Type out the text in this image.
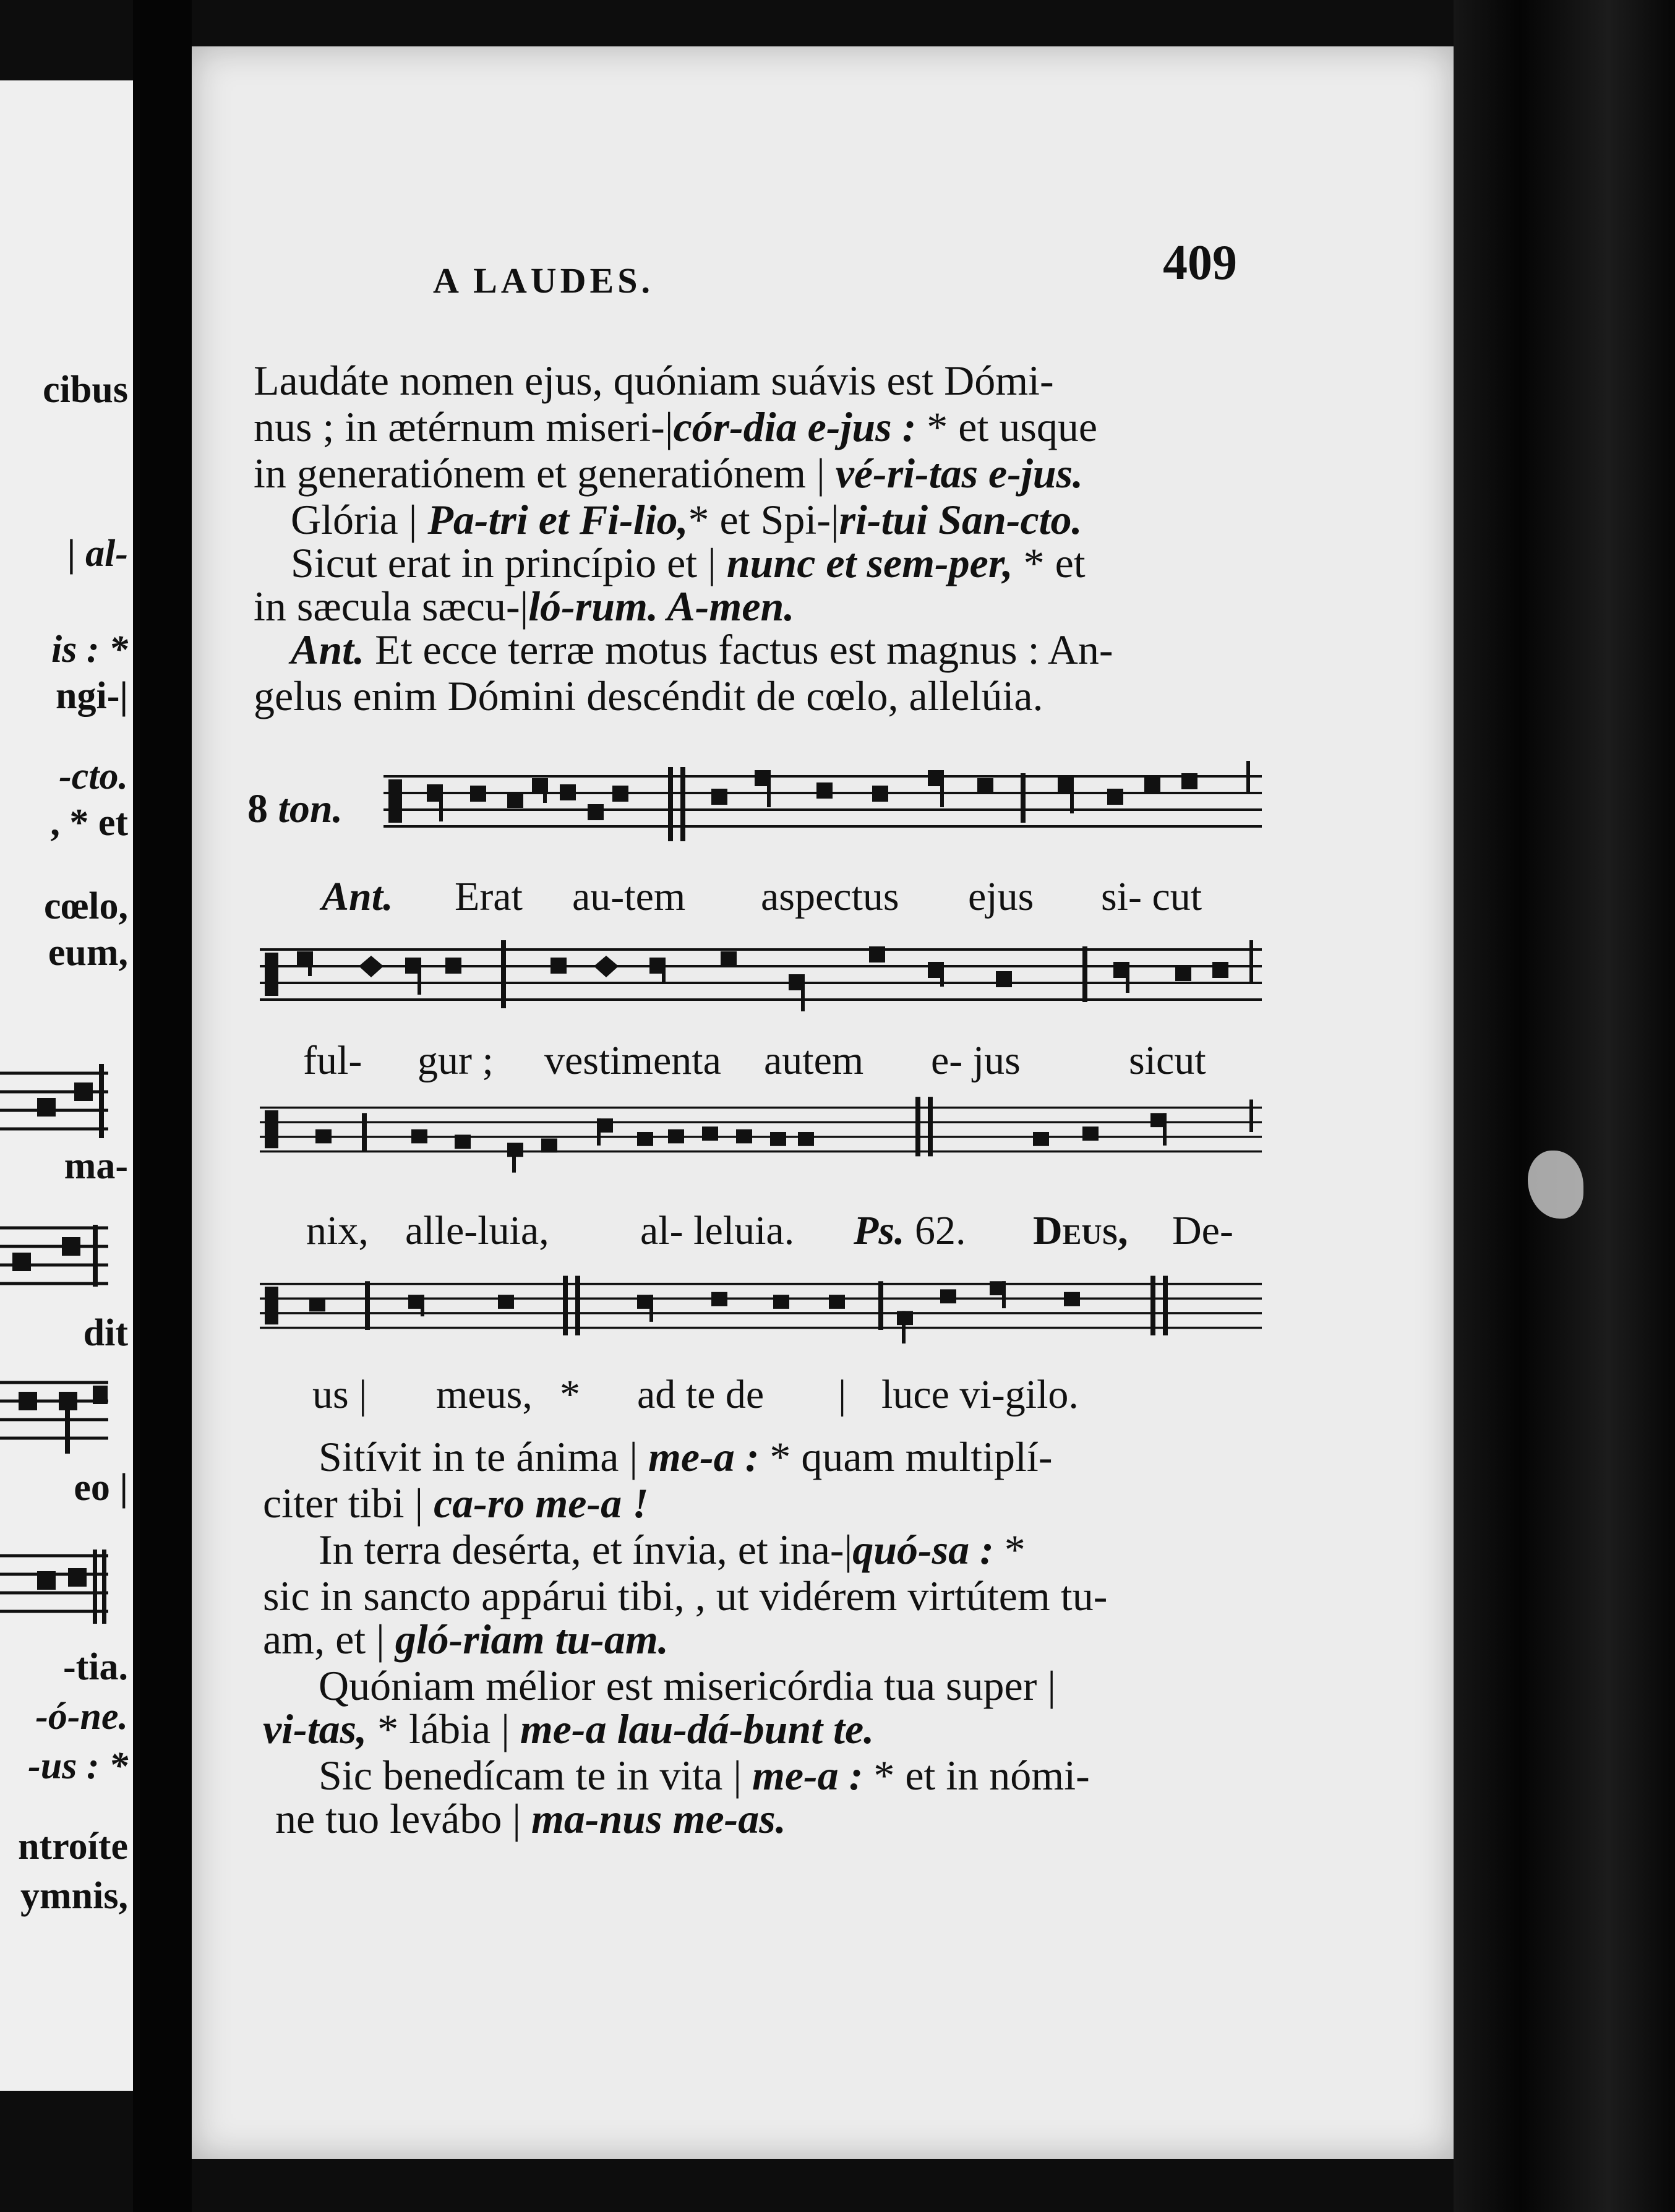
cibus
| al-
is : *
ngi-|
-cto.
, * et
cœlo,
eum,
ma-
dit
eo |
-tia.
-ó-ne.
-us : *
ntroíte
ymnis,
A LAUDES.	409
Laudáte nomen ejus, quóniam suávis est Dómi-
nus ; in ætérnum miseri-|cór-dia e-jus : * et usque
in generatiónem et generatiónem | vé-ri-tas e-jus.
Glória | Pa-tri et Fi-lio,* et Spi-|ri-tui San-cto.
Sicut erat in princípio et | nunc et sem-per, * et
in sæcula sæcu-|ló-rum. A-men.
Ant. Et ecce terræ motus factus est magnus : An-
gelus enim Dómini descéndit de cœlo, allelúia.
8 ton.
Ant. Erat au-tem aspectus ejus si- cut
ful- gur ; vestimenta autem e- jus	sicut
nix, alle-luia, al- leluia. Ps. 62. Deus, De-
us | meus, * ad te de | luce vi-gilo.
Sitívit in te ánima | me-a : * quam multiplí-
citer tibi | ca-ro me-a !
In terra desérta, et ínvia, et ina-|quó-sa : *
sic in sancto appárui tibi, , ut vidérem virtútem tu-
am, et | gló-riam tu-am.
Quóniam mélior est misericórdia tua super |
vi-tas, * lábia | me-a lau-dá-bunt te.
Sic benedícam te in vita | me-a : * et in nómi-
ne tuo levábo | ma-nus me-as.
